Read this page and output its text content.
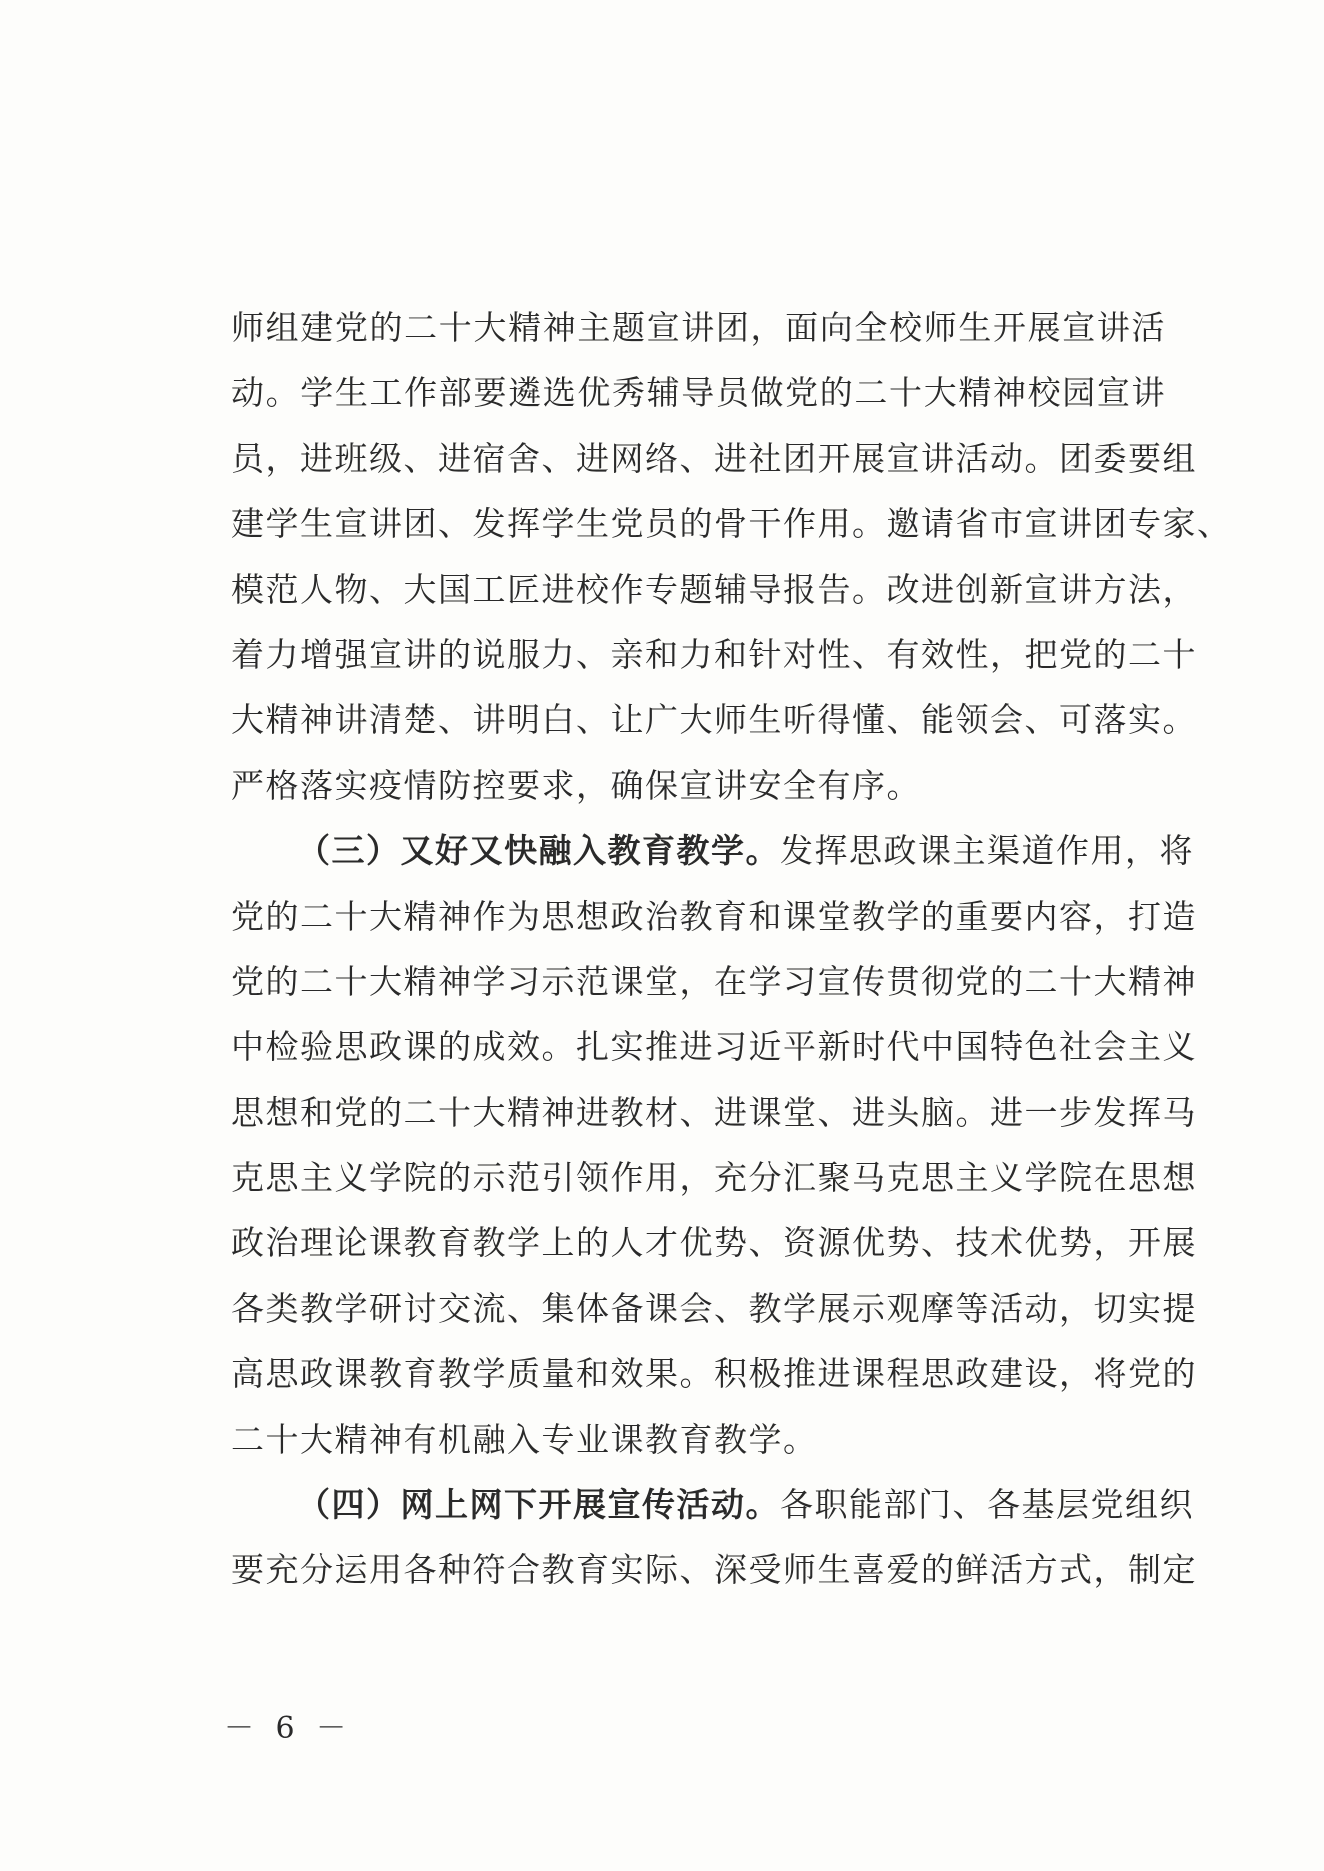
师组建党的二十大精神主题宣讲团，面向全校师生开展宣讲活
动。学生工作部要遴选优秀辅导员做党的二十大精神校园宣讲
员，进班级、进宿舍、进网络、进社团开展宣讲活动。团委要组
建学生宣讲团、发挥学生党员的骨干作用。邀请省市宣讲团专家、
模范人物、大国工匠进校作专题辅导报告。改进创新宣讲方法，
着力增强宣讲的说服力、亲和力和针对性、有效性，把党的二十
大精神讲清楚、讲明白、让广大师生听得懂、能领会、可落实。
严格落实疫情防控要求，确保宣讲安全有序。
（三）又好又快融入教育教学。发挥思政课主渠道作用，将
党的二十大精神作为思想政治教育和课堂教学的重要内容，打造
党的二十大精神学习示范课堂，在学习宣传贯彻党的二十大精神
中检验思政课的成效。扎实推进习近平新时代中国特色社会主义
思想和党的二十大精神进教材、进课堂、进头脑。进一步发挥马
克思主义学院的示范引领作用，充分汇聚马克思主义学院在思想
政治理论课教育教学上的人才优势、资源优势、技术优势，开展
各类教学研讨交流、集体备课会、教学展示观摩等活动，切实提
高思政课教育教学质量和效果。积极推进课程思政建设，将党的
二十大精神有机融入专业课教育教学。
（四）网上网下开展宣传活动。各职能部门、各基层党组织
要充分运用各种符合教育实际、深受师生喜爱的鲜活方式，制定
－ 6 －
